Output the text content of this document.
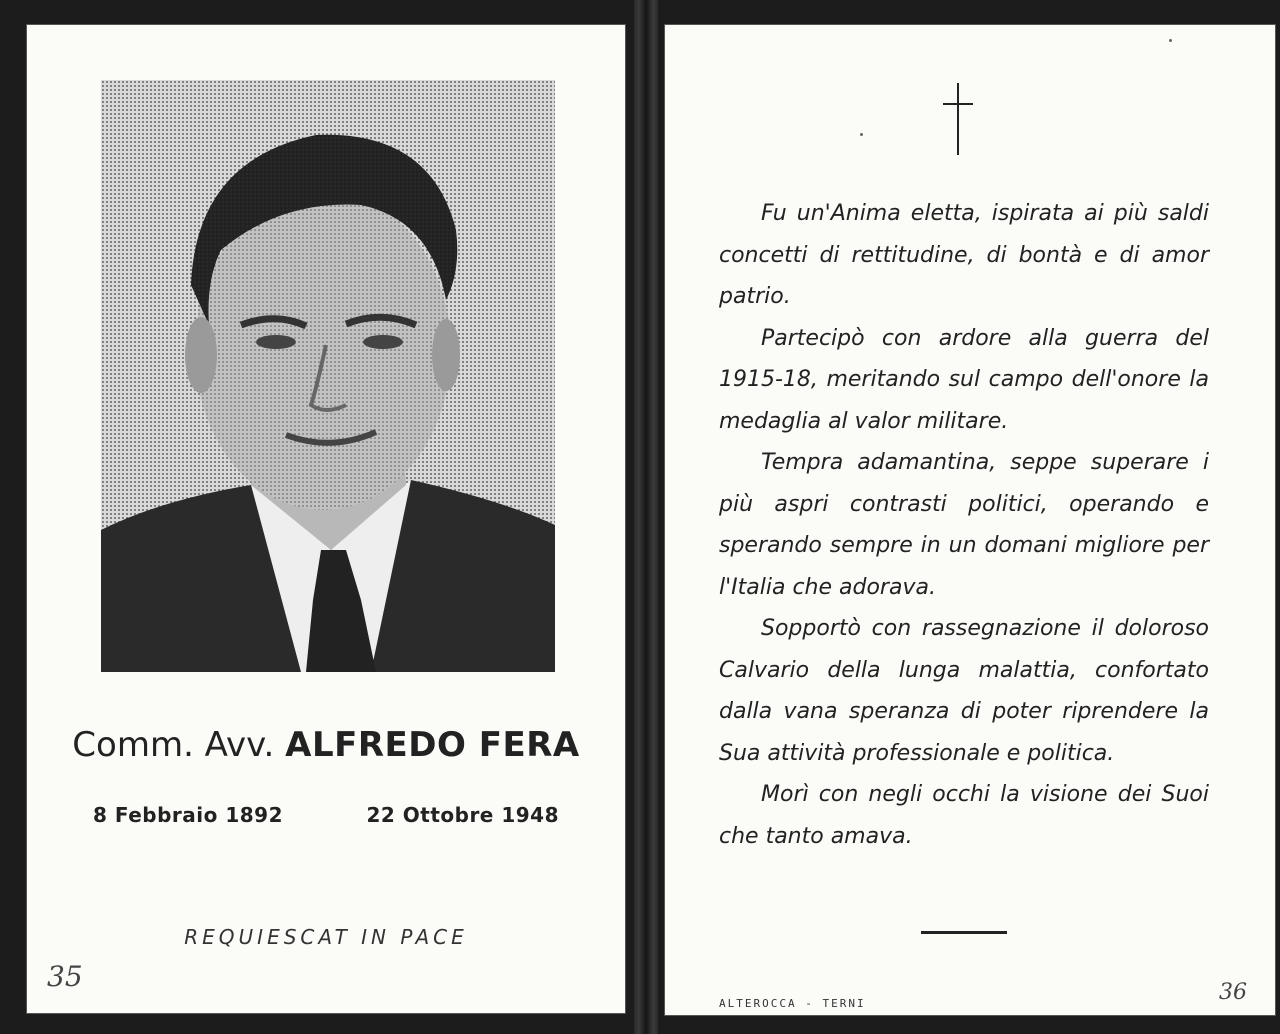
Comm. Avv. ALFREDO FERA
8 Febbraio 1892	22 Ottobre 1948
REQUIESCAT IN PACE
35

Fu un'Anima eletta, ispirata ai più saldi concetti di rettitudine, di bontà e di amor patrio.

Partecipò con ardore alla guerra del 1915-18, meritando sul campo dell'onore la medaglia al valor militare.

Tempra adamantina, seppe superare i più aspri contrasti politici, operando e sperando sempre in un domani migliore per l'Italia che adorava.

Sopportò con rassegnazione il doloroso Calvario della lunga malattia, confortato dalla vana speranza di poter riprendere la Sua attività professionale e politica.

Morì con negli occhi la visione dei Suoi che tanto amava.

ALTEROCCA - TERNI	36
